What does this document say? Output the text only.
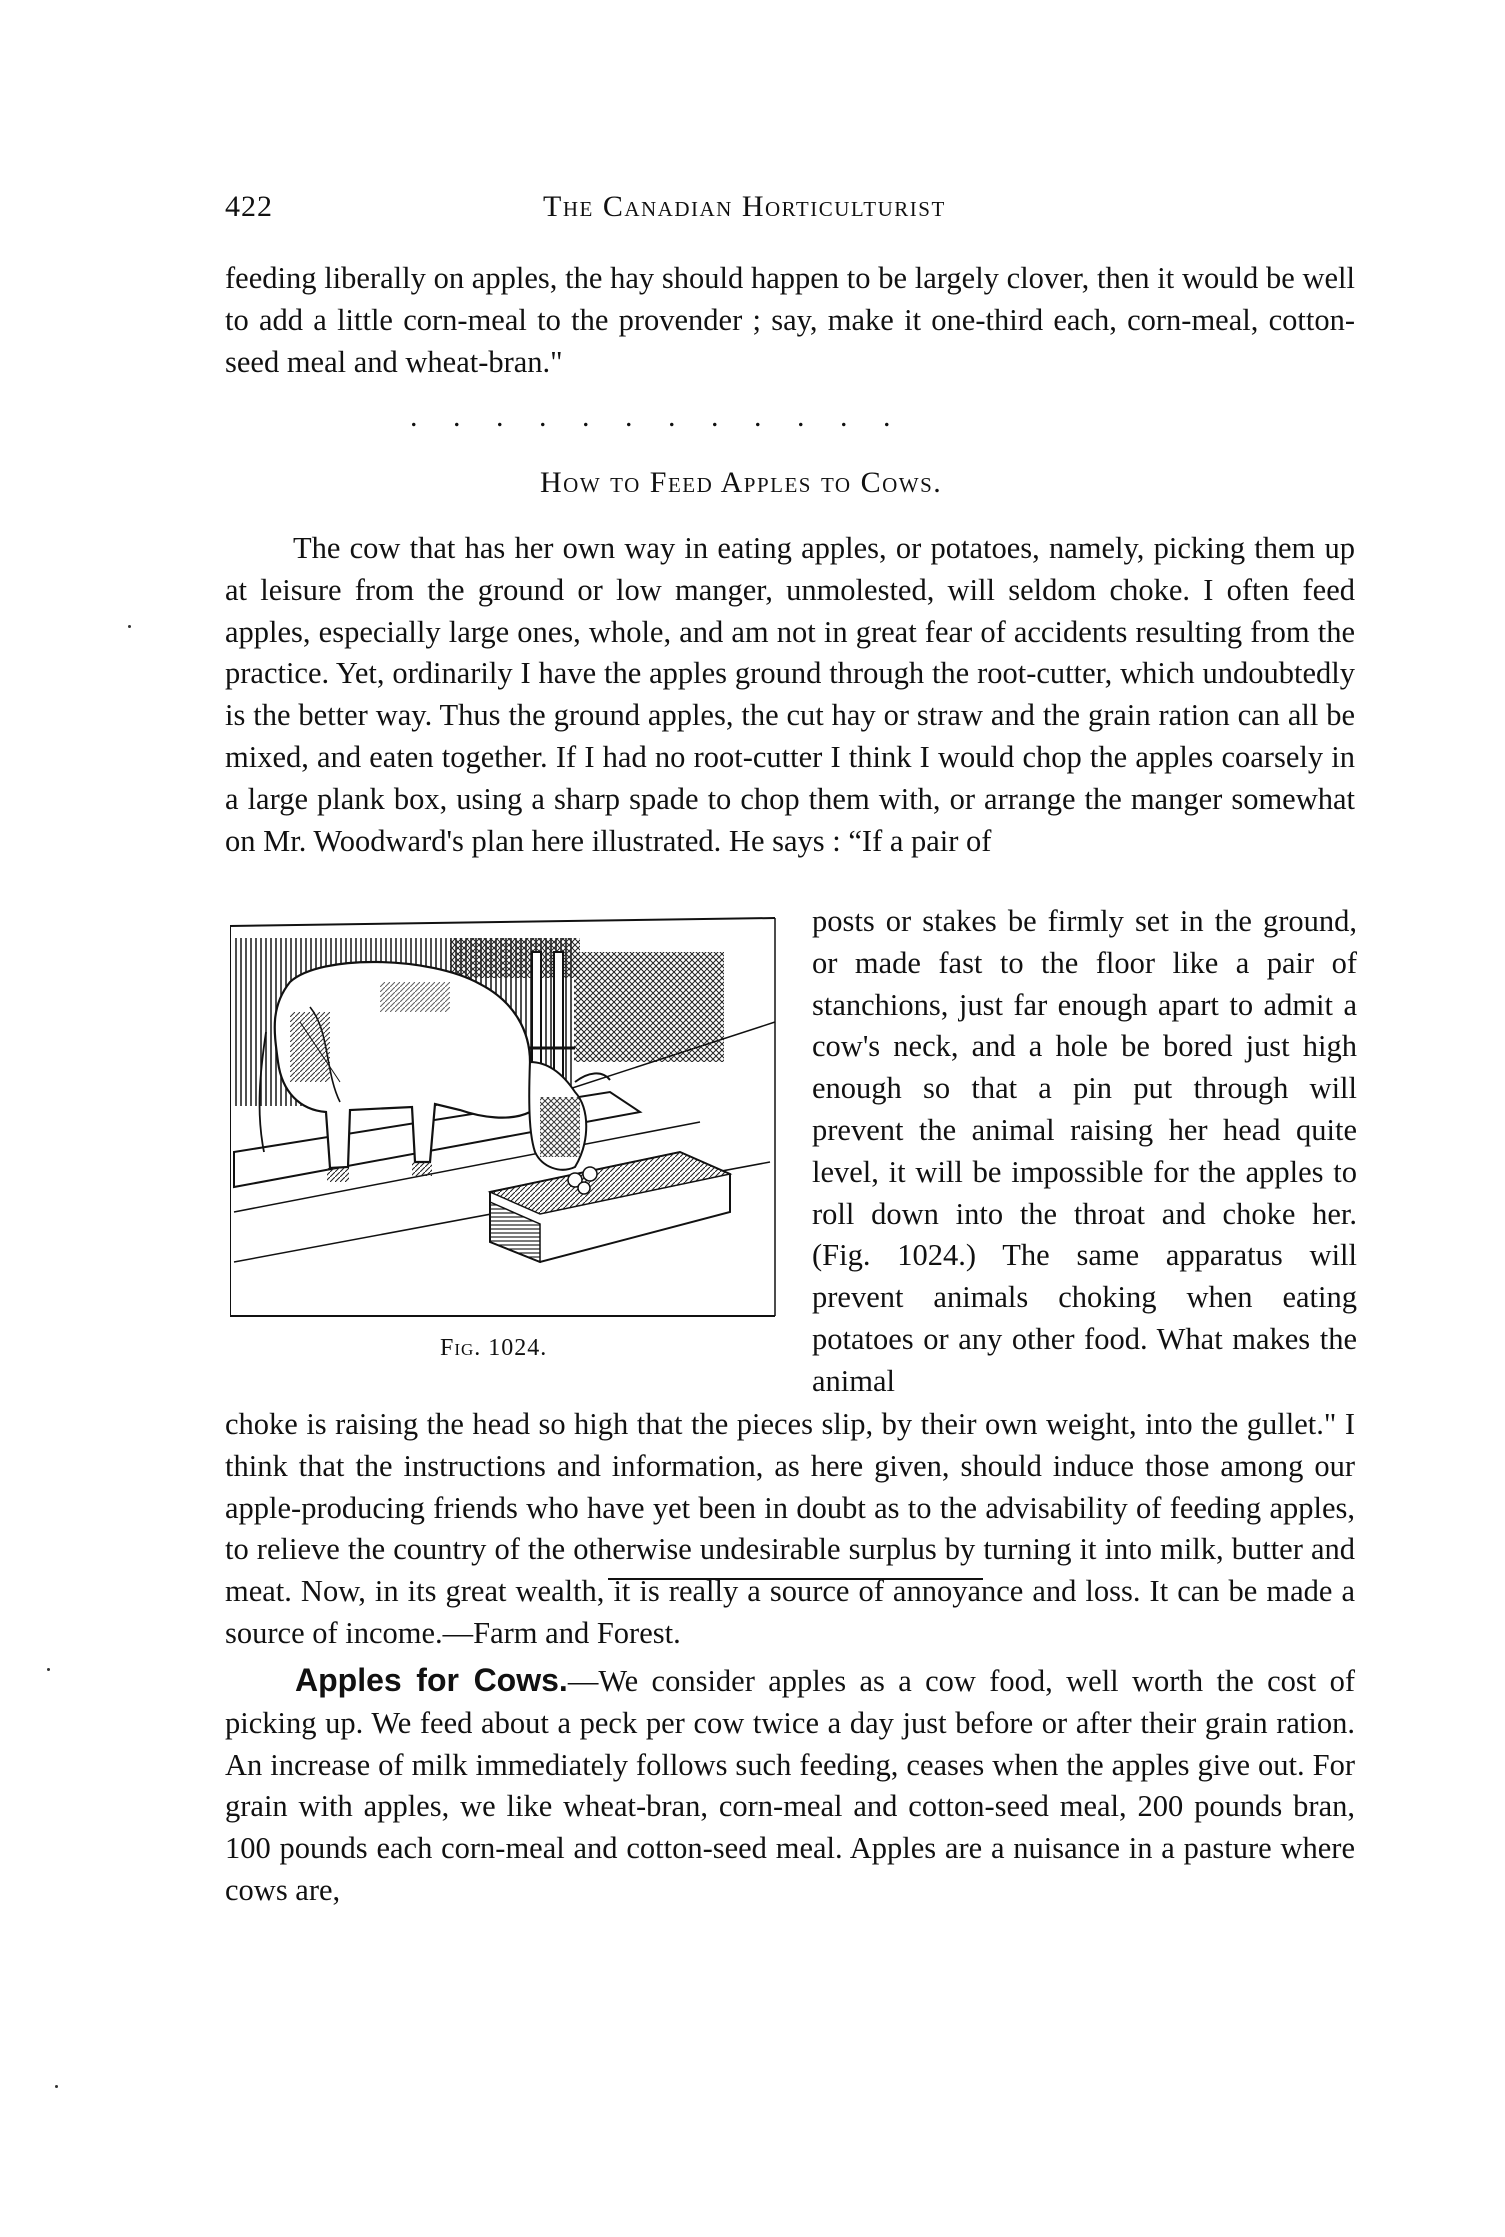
422	The Canadian Horticulturist

feeding liberally on apples, the hay should happen to be largely clover, then it would be well to add a little corn-meal to the provender ; say, make it one-third each, corn-meal, cotton-seed meal and wheat-bran."

. . . . . . . . . . . .
How to Feed Apples to Cows.

The cow that has her own way in eating apples, or potatoes, namely, picking them up at leisure from the ground or low manger, unmolested, will seldom choke. I often feed apples, especially large ones, whole, and am not in great fear of accidents resulting from the practice. Yet, ordinarily I have the apples ground through the root-cutter, which undoubtedly is the better way. Thus the ground apples, the cut hay or straw and the grain ration can all be mixed, and eaten together. If I had no root-cutter I think I would chop the apples coarsely in a large plank box, using a sharp spade to chop them with, or arrange the manger somewhat on Mr. Woodward's plan here illustrated. He says : “If a pair of

Fig. 1024.

posts or stakes be firmly set in the ground, or made fast to the floor like a pair of stanchions, just far enough apart to admit a cow's neck, and a hole be bored just high enough so that a pin put through will prevent the animal raising her head quite level, it will be impossible for the apples to roll down into the throat and choke her. (Fig. 1024.) The same apparatus will prevent animals choking when eating potatoes or any other food. What makes the animal

choke is raising the head so high that the pieces slip, by their own weight, into the gullet." I think that the instructions and information, as here given, should induce those among our apple-producing friends who have yet been in doubt as to the advisability of feeding apples, to relieve the country of the otherwise undesirable surplus by turning it into milk, butter and meat. Now, in its great wealth, it is really a source of annoyance and loss. It can be made a source of income.—Farm and Forest.

Apples for Cows.—We consider apples as a cow food, well worth the cost of picking up. We feed about a peck per cow twice a day just before or after their grain ration. An increase of milk immediately follows such feeding, ceases when the apples give out. For grain with apples, we like wheat-bran, corn-meal and cotton-seed meal, 200 pounds bran, 100 pounds each corn-meal and cotton-seed meal. Apples are a nuisance in a pasture where cows are,
